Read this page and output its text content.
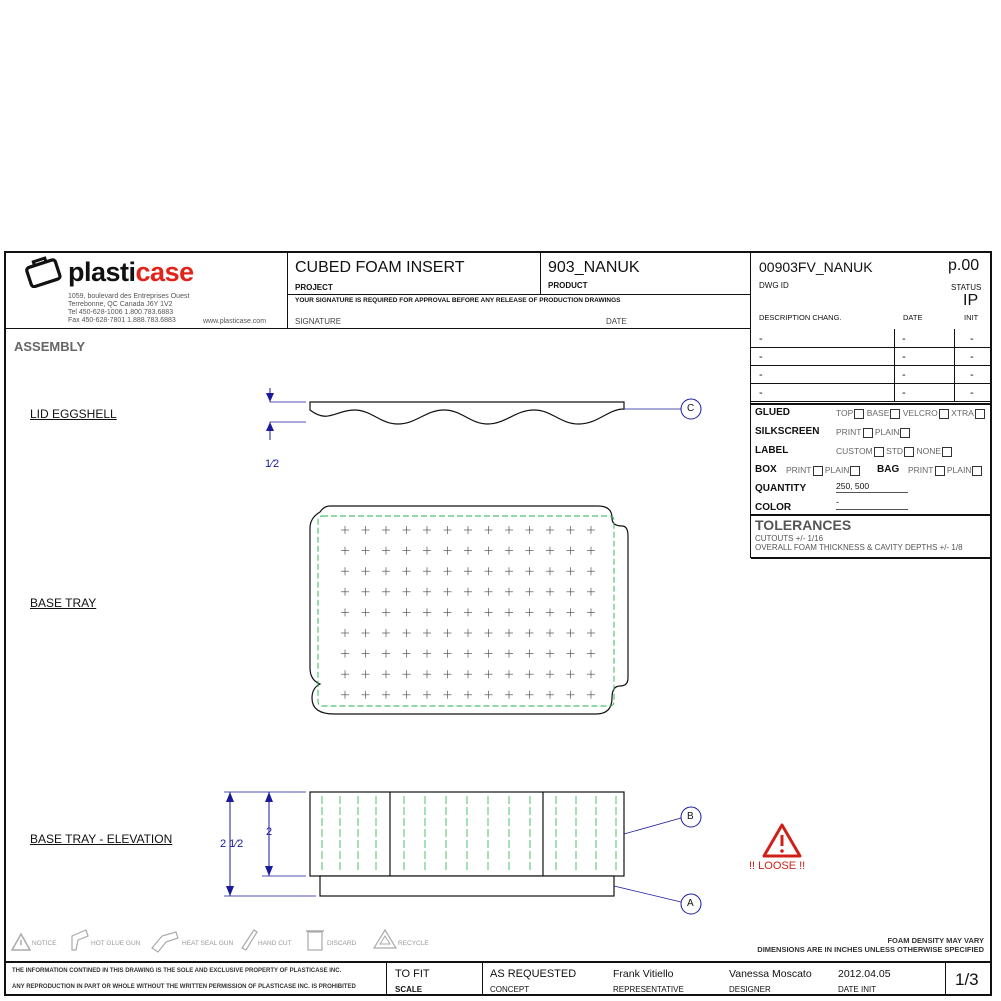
plasticase
1059, boulevard des Entreprises Ouest
Terrebonne, QC Canada J6Y 1V2
Tel 450-628-1006 1.800.783.6883
Fax 450-628-7801 1.888.783.6883	www.plasticase.com
CUBED FOAM INSERT
PROJECT
903_NANUK
PRODUCT
YOUR SIGNATURE IS REQUIRED FOR APPROVAL BEFORE ANY RELEASE OF PRODUCTION DRAWINGS
SIGNATURE	DATE
00903FV_NANUK
DWG ID
p.00
STATUS
IP
DESCRIPTION CHANG.	DATE	INIT
-	-	-
-	-	-
-	-	-
-	-	-
GLUED	TOP BASE VELCRO XTRA
SILKSCREEN PRINT PLAIN
LABEL	CUSTOM STD NONE
BOX PRINT PLAIN	BAG PRINT PLAIN
QUANTITY	250, 500
COLOR	-
TOLERANCES
CUTOUTS +/- 1/16
OVERALL FOAM THICKNESS & CAVITY DEPTHS +/- 1/8
ASSEMBLY
LID EGGSHELL
BASE TRAY
BASE TRAY - ELEVATION
1⁄2
2 1⁄2
2
C
B
A
!! LOOSE !!
NOTICE	HOT GLUE GUN	HEAT SEAL GUN	HAND CUT	DISCARD	RECYCLE	FOAM DENSITY MAY VARY
DIMENSIONS ARE IN INCHES UNLESS OTHERWISE SPECIFIED
THE INFORMATION CONTINED IN THIS DRAWING IS THE SOLE AND EXCLUSIVE PROPERTY OF PLASTICASE INC.
ANY REPRODUCTION IN PART OR WHOLE WITHOUT THE WRITTEN PERMISSION OF PLASTICASE INC. IS PROHIBITED
TO FIT
SCALE
AS REQUESTED
CONCEPT
Frank Vitiello
REPRESENTATIVE
Vanessa Moscato
DESIGNER
2012.04.05
DATE INIT
1/3
